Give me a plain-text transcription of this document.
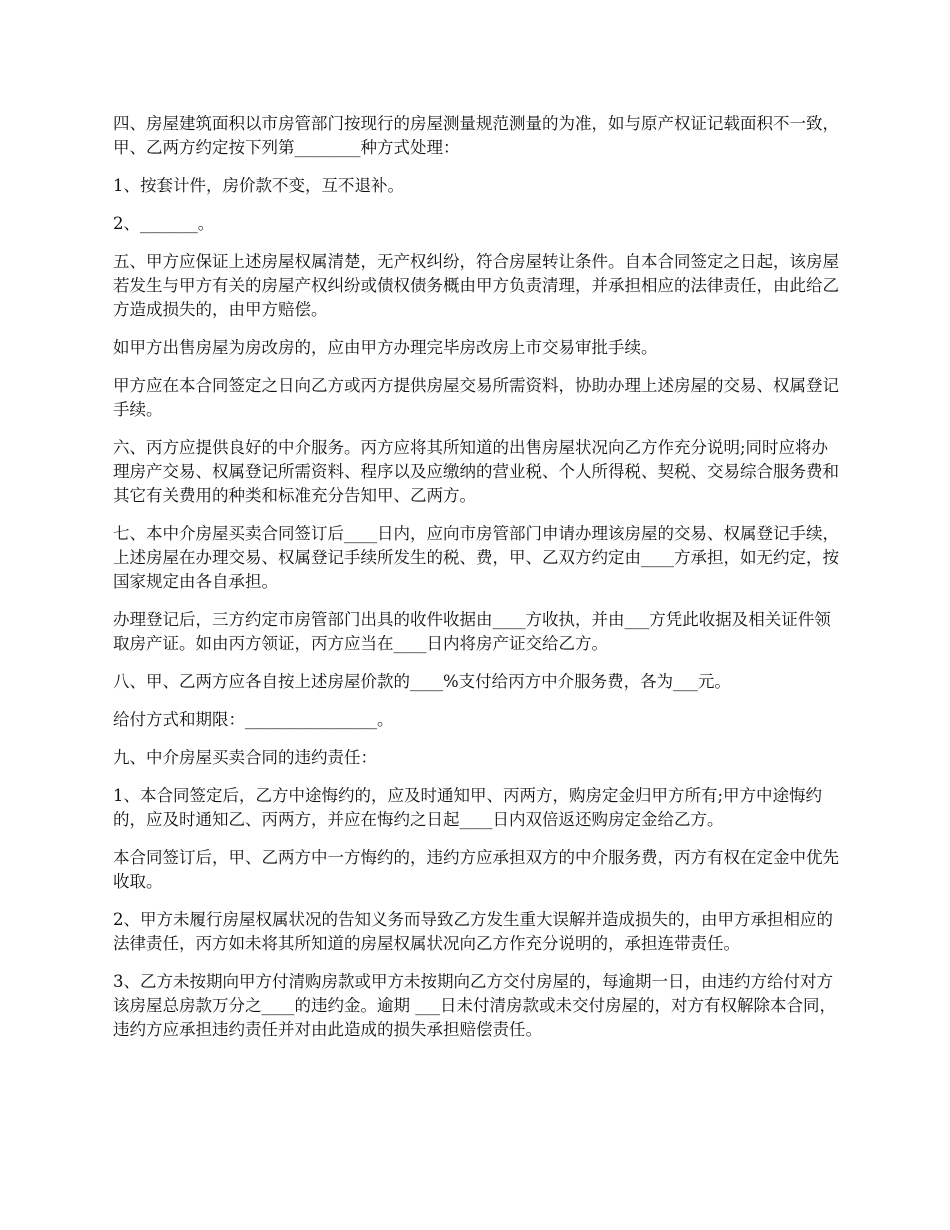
四、房屋建筑面积以市房管部门按现行的房屋测量规范测量的为准，如与原产权证记载面积不一致，甲、乙两方约定按下列第________种方式处理：

1、按套计件，房价款不变，互不退补。

2、_______。

五、甲方应保证上述房屋权属清楚，无产权纠纷，符合房屋转让条件。自本合同签定之日起，该房屋若发生与甲方有关的房屋产权纠纷或债权债务概由甲方负责清理，并承担相应的法律责任，由此给乙方造成损失的，由甲方赔偿。

如甲方出售房屋为房改房的，应由甲方办理完毕房改房上市交易审批手续。

甲方应在本合同签定之日向乙方或丙方提供房屋交易所需资料，协助办理上述房屋的交易、权属登记手续。

六、丙方应提供良好的中介服务。丙方应将其所知道的出售房屋状况向乙方作充分说明;同时应将办理房产交易、权属登记所需资料、程序以及应缴纳的营业税、个人所得税、契税、交易综合服务费和其它有关费用的种类和标准充分告知甲、乙两方。

七、本中介房屋买卖合同签订后____日内，应向市房管部门申请办理该房屋的交易、权属登记手续，上述房屋在办理交易、权属登记手续所发生的税、费，甲、乙双方约定由____方承担，如无约定，按国家规定由各自承担。

办理登记后，三方约定市房管部门出具的收件收据由____方收执，并由___方凭此收据及相关证件领取房产证。如由丙方领证，丙方应当在____日内将房产证交给乙方。

八、甲、乙两方应各自按上述房屋价款的____%支付给丙方中介服务费，各为___元。

给付方式和期限：________________。

九、中介房屋买卖合同的违约责任：

1、本合同签定后，乙方中途悔约的，应及时通知甲、丙两方，购房定金归甲方所有;甲方中途悔约的，应及时通知乙、丙两方，并应在悔约之日起____日内双倍返还购房定金给乙方。

本合同签订后，甲、乙两方中一方悔约的，违约方应承担双方的中介服务费，丙方有权在定金中优先收取。

2、甲方未履行房屋权属状况的告知义务而导致乙方发生重大误解并造成损失的，由甲方承担相应的法律责任，丙方如未将其所知道的房屋权属状况向乙方作充分说明的，承担连带责任。

3、乙方未按期向甲方付清购房款或甲方未按期向乙方交付房屋的，每逾期一日，由违约方给付对方该房屋总房款万分之____的违约金。逾期 ___日未付清房款或未交付房屋的，对方有权解除本合同，违约方应承担违约责任并对由此造成的损失承担赔偿责任。
